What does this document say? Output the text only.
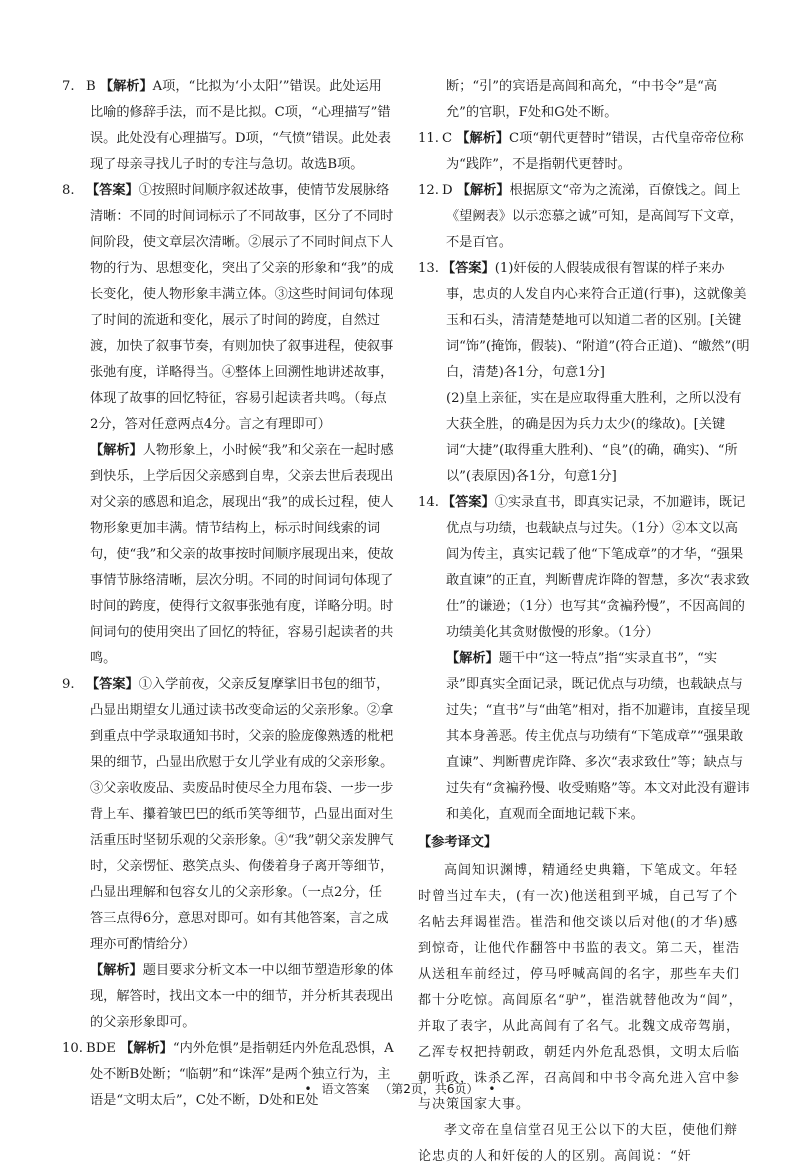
7. B 【解析】A项，“比拟为‘小太阳’”错误。此处运用比喻的修辞手法，而不是比拟。C项，“心理描写”错误。此处没有心理描写。D项，“气愤”错误。此处表现了母亲寻找儿子时的专注与急切。故选B项。
8. 【答案】①按照时间顺序叙述故事，使情节发展脉络清晰：不同的时间词标示了不同故事，区分了不同时间阶段，使文章层次清晰。②展示了不同时间点下人物的行为、思想变化，突出了父亲的形象和“我”的成长变化，使人物形象丰满立体。③这些时间词句体现了时间的流逝和变化，展示了时间的跨度，自然过渡，加快了叙事节奏，有则加快了叙事进程，使叙事张弛有度，详略得当。④整体上回溯性地讲述故事，体现了故事的回忆特征，容易引起读者共鸣。（每点2分，答对任意两点4分。言之有理即可）

【解析】人物形象上，小时候“我”和父亲在一起时感到快乐，上学后因父亲感到自卑，父亲去世后表现出对父亲的感恩和追念，展现出“我”的成长过程，使人物形象更加丰满。情节结构上，标示时间线索的词句，使“我”和父亲的故事按时间顺序展现出来，使故事情节脉络清晰，层次分明。不同的时间词句体现了时间的跨度，使得行文叙事张弛有度，详略分明。时间词句的使用突出了回忆的特征，容易引起读者的共鸣。

9. 【答案】①入学前夜，父亲反复摩挲旧书包的细节，凸显出期望女儿通过读书改变命运的父亲形象。②拿到重点中学录取通知书时，父亲的脸庞像熟透的枇杷果的细节，凸显出欣慰于女儿学业有成的父亲形象。③父亲收废品、卖废品时使尽全力甩布袋、一步一步背上车、攥着皱巴巴的纸币笑等细节，凸显出面对生活重压时坚韧乐观的父亲形象。④“我”朝父亲发脾气时，父亲愣怔、憨笑点头、佝偻着身子离开等细节，凸显出理解和包容女儿的父亲形象。（一点2分，任答三点得6分，意思对即可。如有其他答案，言之成理亦可酌情给分）

【解析】题目要求分析文本一中以细节塑造形象的体现，解答时，找出文本一中的细节，并分析其表现出的父亲形象即可。

10. BDE 【解析】“内外危惧”是指朝廷内外危乱恐惧，A处不断B处断；“临朝”和“诛浑”是两个独立行为，主语是“文明太后”，C处不断，D处和E处

断；“引”的宾语是高闾和高允，“中书令”是“高允”的官职，F处和G处不断。

11. C 【解析】C项“朝代更替时”错误，古代皇帝帝位称为“践阼”，不是指朝代更替时。
12. D 【解析】根据原文“帝为之流涕，百僚饯之。闾上《望阙表》以示恋慕之诚”可知，是高闾写下文章，不是百官。
13. 【答案】(1)奸佞的人假装成很有智谋的样子来办事，忠贞的人发自内心来符合正道(行事)，这就像美玉和石头，清清楚楚地可以知道二者的区别。[关键词“饰”(掩饰，假装)、“附道”(符合正道)、“皦然”(明白，清楚)各1分，句意1分]

(2)皇上亲征，实在是应取得重大胜利，之所以没有大获全胜，的确是因为兵力太少(的缘故)。[关键词“大捷”(取得重大胜利)、“良”(的确，确实)、“所以”(表原因)各1分，句意1分]

14. 【答案】①实录直书，即真实记录，不加避讳，既记优点与功绩，也载缺点与过失。（1分）②本文以高闾为传主，真实记载了他“下笔成章”的才华，“强果敢直谏”的正直，判断曹虎诈降的智慧，多次“表求致仕”的谦逊；（1分）也写其“贪褊矜慢”，不因高闾的功绩美化其贪财傲慢的形象。（1分）

【解析】题干中“这一特点”指“实录直书”，“实录”即真实全面记录，既记优点与功绩，也载缺点与过失；“直书”与“曲笔”相对，指不加避讳，直接呈现其本身善恶。传主优点与功绩有“下笔成章”“强果敢直谏”、判断曹虎诈降、多次“表求致仕”等；缺点与过失有“贪褊矜慢、收受贿赂”等。本文对此没有避讳和美化，直观而全面地记载下来。

【参考译文】

高闾知识渊博，精通经史典籍，下笔成文。年轻时曾当过车夫，(有一次)他送租到平城，自己写了个名帖去拜谒崔浩。崔浩和他交谈以后对他(的才华)感到惊奇，让他代作翻答中书监的表文。第二天，崔浩从送租车前经过，停马呼喊高闾的名字，那些车夫们都十分吃惊。高闾原名“驴”，崔浩就替他改为“闾”，并取了表字，从此高闾有了名气。北魏文成帝驾崩，乙浑专权把持朝政，朝廷内外危乱恐惧，文明太后临朝听政，诛杀乙浑，召高闾和中书令高允进入宫中参与决策国家大事。

孝文帝在皇信堂召见王公以下的大臣，使他们辩论忠贞的人和奸佞的人的区别。高闾说：“奸

• 语文答案 （第2页，共6页） •
